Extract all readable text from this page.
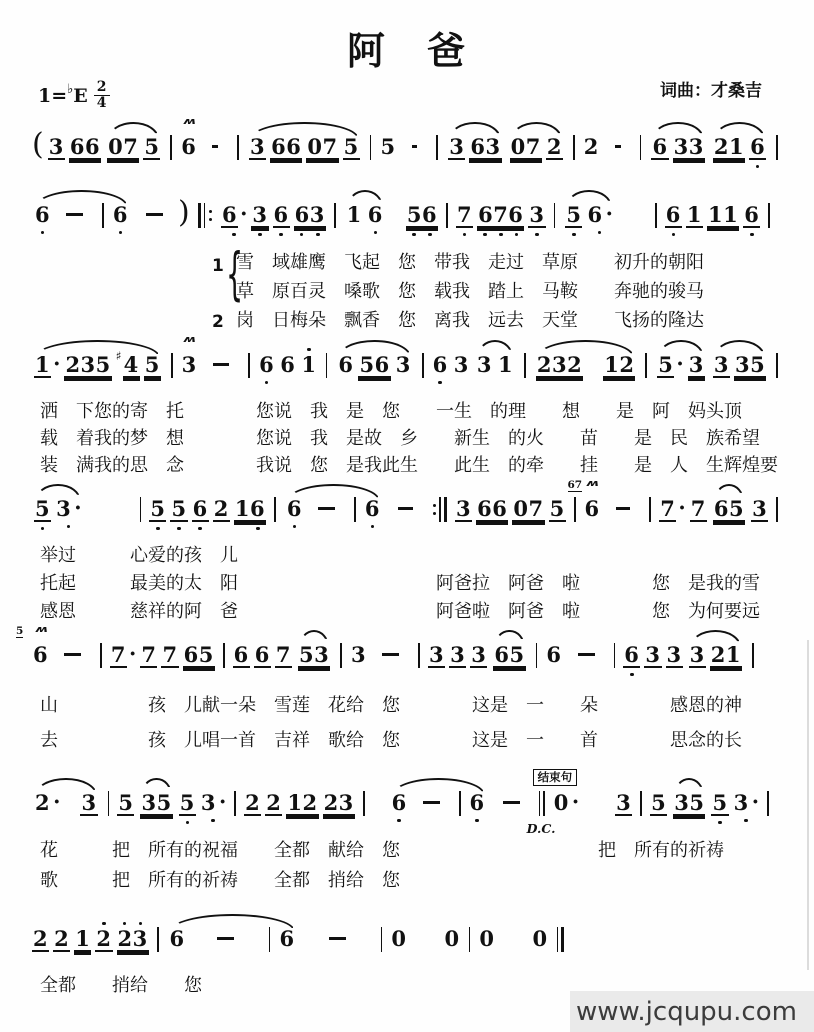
阿　爸
词曲：才桑吉
1= ♭ E $\frac{2}{4}$
( 3 66 07 5
ʍ
6	3 66 07 5 5	3 63 07 2 2	6 33 21 6
6	6 ) 6 · 3 6 63 1 6 56 7 676 3 5 6 ·	6 1 11 6
雪　域雄鹰　飞起　您　带我　走过　草原　　初升的朝阳
草　原百灵　嗓歌　您　载我　踏上　马鞍　　奔驰的骏马
岗　日梅朵　飘香　您　离我　远去　天堂　　飞扬的隆达
1 {
2
1 · 235 ♯ 4 5
ʍ
3	6 6 1 6 56 3 6 3 3 1 232 12 5 · 3 3 35
洒　下您的寄　托　　　　您说　我　是　您　　一生　的理　　想　　是　阿　妈头顶
载　着我的梦　想　　　　您说　我　是故　乡　　新生　的火　　苗　　是　民　族希望
装　满我的思　念　　　　我说　您　是我此生　　此生　的牵　　挂　　是　人　生辉煌要
5 3 ·	5 5 6 2 16 6	6	3 66 07 5
ʍ
67
6	7 · 7 65 3
举过　　　心爱的孩　儿
托起　　　最美的太　阳　　　　　　　　　　　阿爸拉　阿爸　啦　　　　您　是我的雪
感恩　　　慈祥的阿　爸　　　　　　　　　　　阿爸啦　阿爸　啦　　　　您　为何要远
ʍ
5
6	7 · 7 7 65 6 6 7 53 3	3 3 3 65 6	6 3 3 3 21
山　　　　　孩　儿献一朵　雪莲　花给　您　　　　这是　一　　朵　　　　感恩的神
去　　　　　孩　儿唱一首　吉祥　歌给　您　　　　这是　一　　首　　　　思念的长
2 · 3 5 35 5 3 · 2 2 12 23 6	6
结束句
D.C.
0 · 3 5 35 5 3 ·
花　　　把　所有的祝福　　全都　献给　您　　　　　　　　　　　把　所有的祈祷
歌　　　把　所有的祈祷　　全都　捎给　您
2 2 1 2 23 6	6	0 0 0 0
全都　　捎给　　您
www.jcqupu.com
